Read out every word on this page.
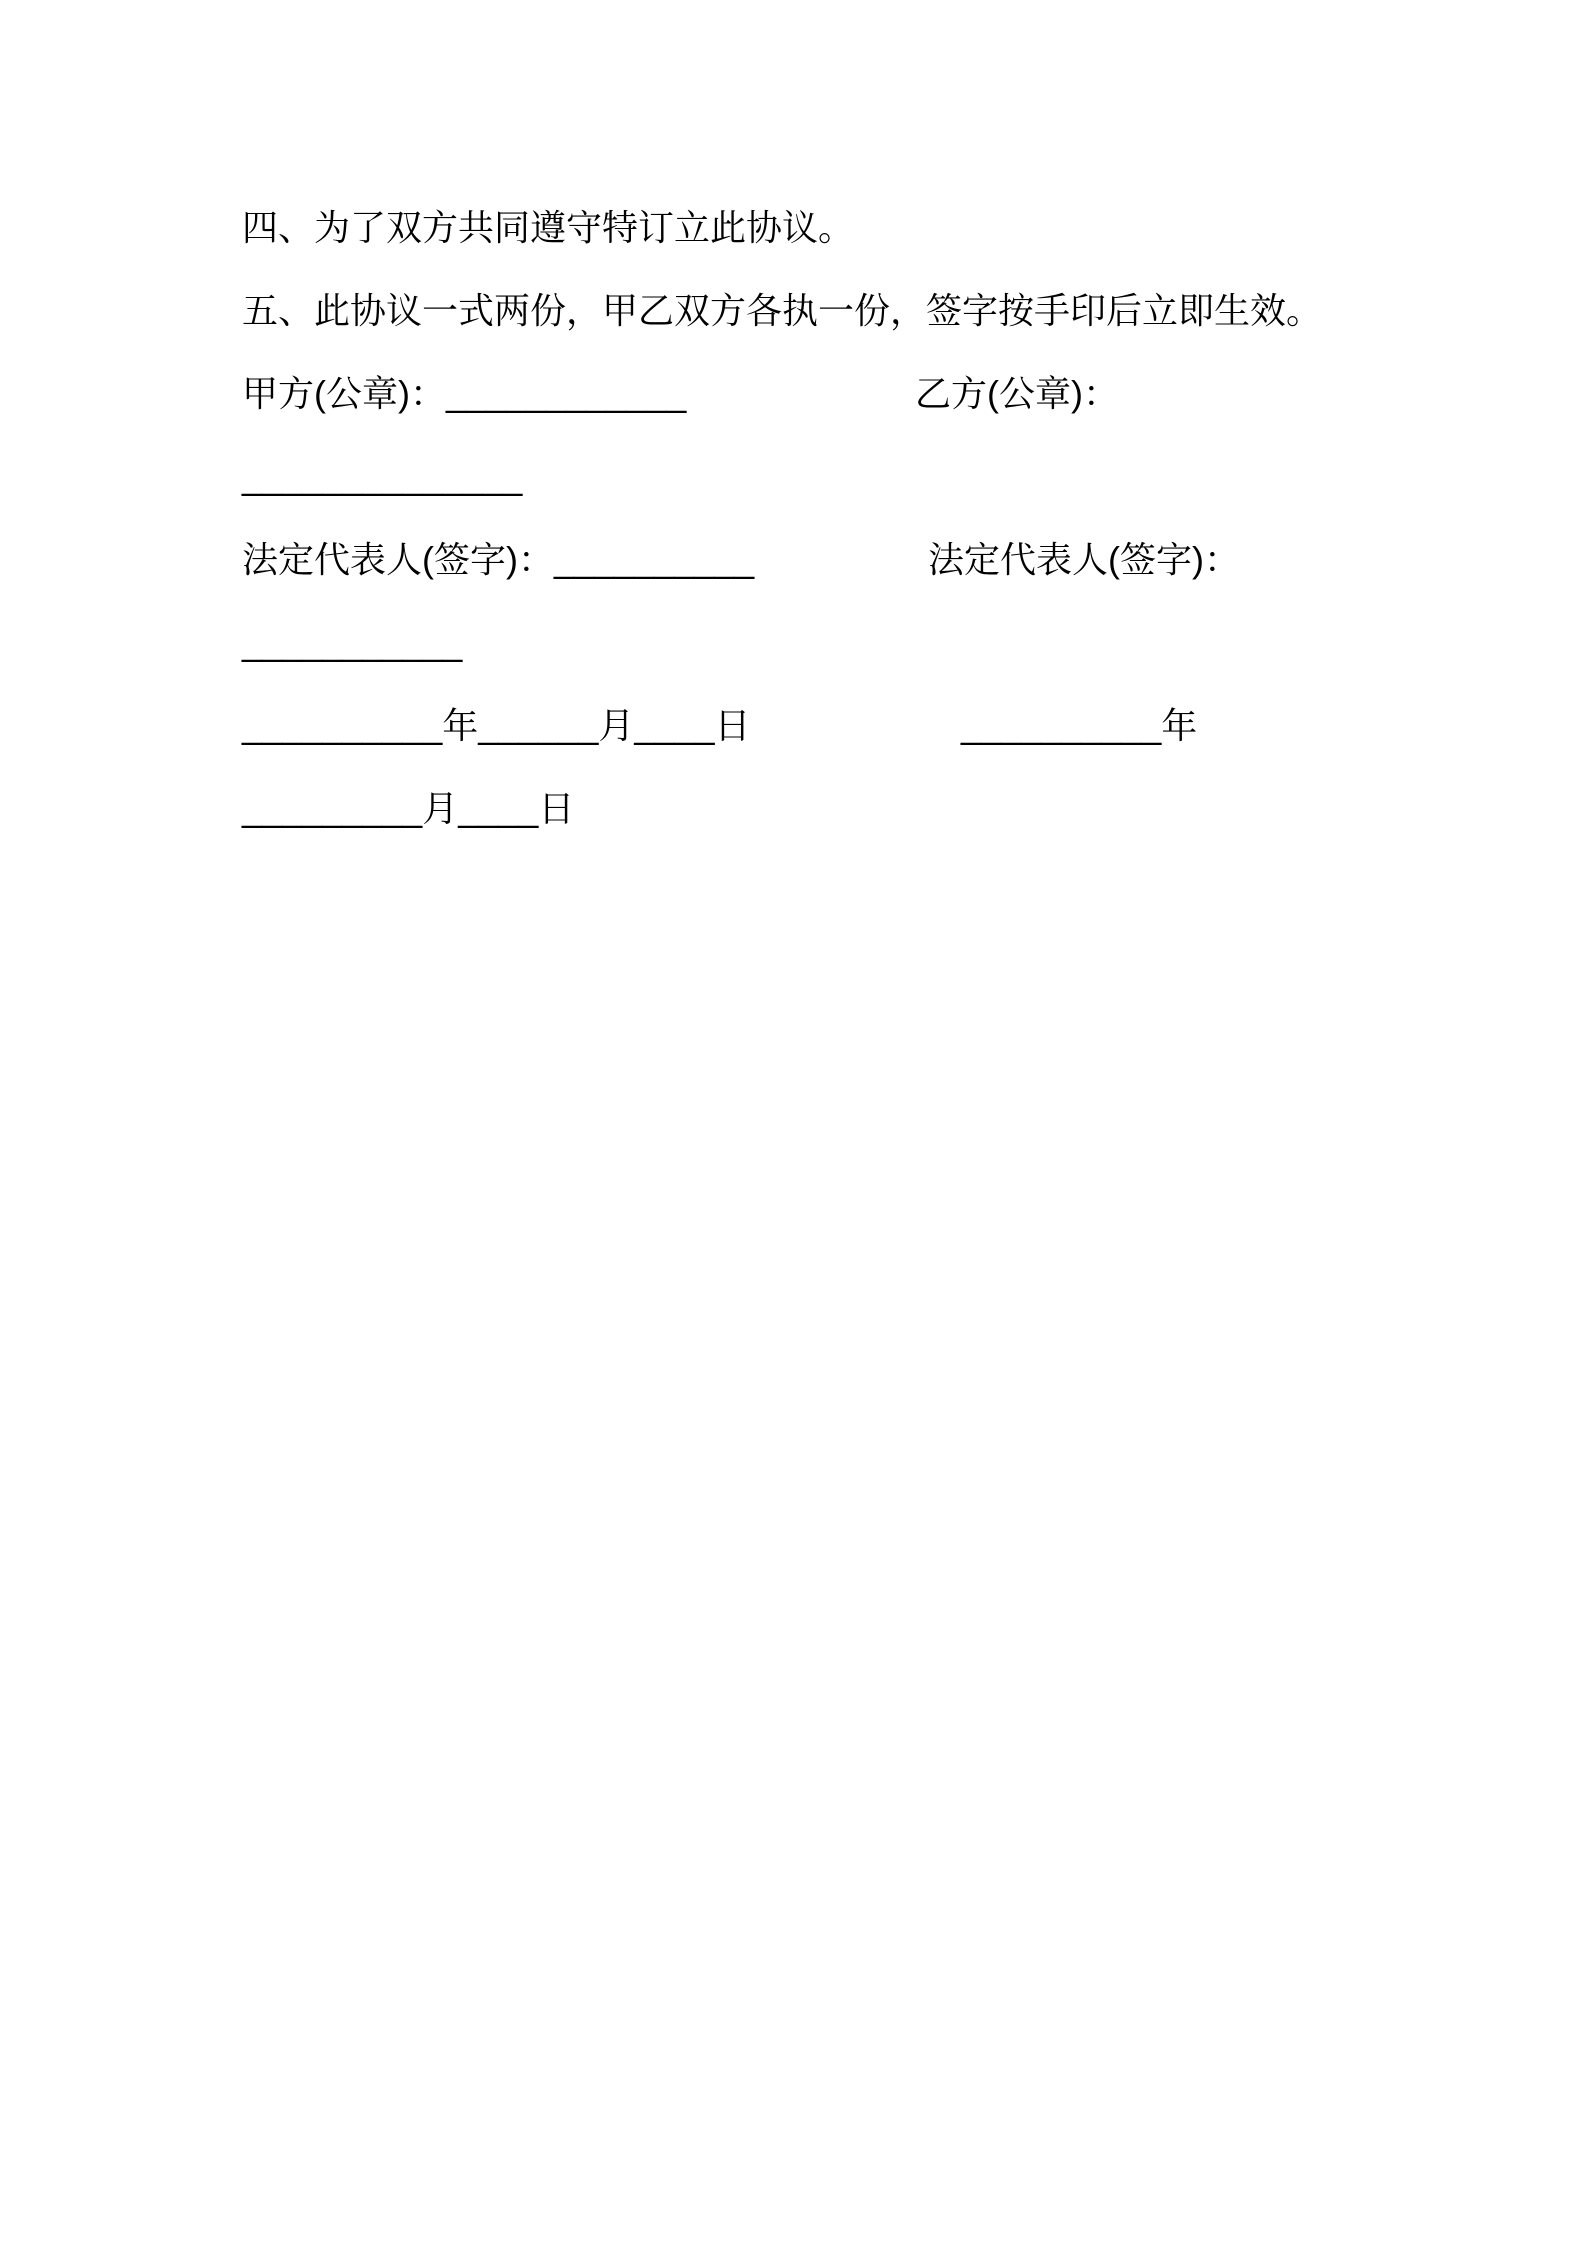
四、为了双方共同遵守特订立此协议。
五、此协议一式两份，甲乙双方各执一份，签字按手印后立即生效。
甲方(公章)：____________	乙方(公章)：
______________
法定代表人(签字)：__________	法定代表人(签字)：
___________
__________年______月____日	__________年
_________月____日
